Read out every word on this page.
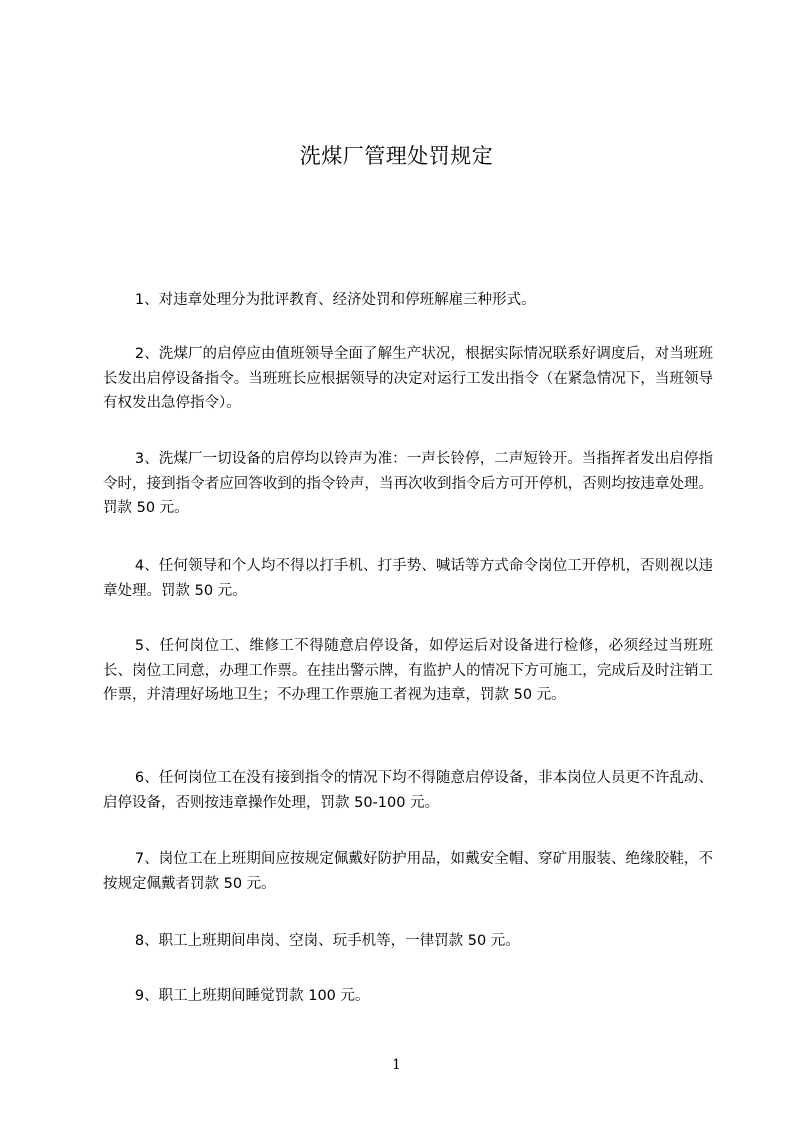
洗煤厂管理处罚规定

1、对违章处理分为批评教育、经济处罚和停班解雇三种形式。

2、洗煤厂的启停应由值班领导全面了解生产状况，根据实际情况联系好调度后，对当班班长发出启停设备指令。当班班长应根据领导的决定对运行工发出指令（在紧急情况下，当班领导有权发出急停指令）。

3、洗煤厂一切设备的启停均以铃声为准：一声长铃停，二声短铃开。当指挥者发出启停指令时，接到指令者应回答收到的指令铃声，当再次收到指令后方可开停机，否则均按违章处理。罚款 50 元。

4、任何领导和个人均不得以打手机、打手势、喊话等方式命令岗位工开停机，否则视以违章处理。罚款 50 元。

5、任何岗位工、维修工不得随意启停设备，如停运后对设备进行检修，必须经过当班班长、岗位工同意，办理工作票。在挂出警示牌，有监护人的情况下方可施工，完成后及时注销工作票，并清理好场地卫生；不办理工作票施工者视为违章，罚款 50 元。

6、任何岗位工在没有接到指令的情况下均不得随意启停设备，非本岗位人员更不许乱动、启停设备，否则按违章操作处理，罚款 50-100 元。

7、岗位工在上班期间应按规定佩戴好防护用品，如戴安全帽、穿矿用服装、绝缘胶鞋，不按规定佩戴者罚款 50 元。

8、职工上班期间串岗、空岗、玩手机等，一律罚款 50 元。

9、职工上班期间睡觉罚款 100 元。

1
